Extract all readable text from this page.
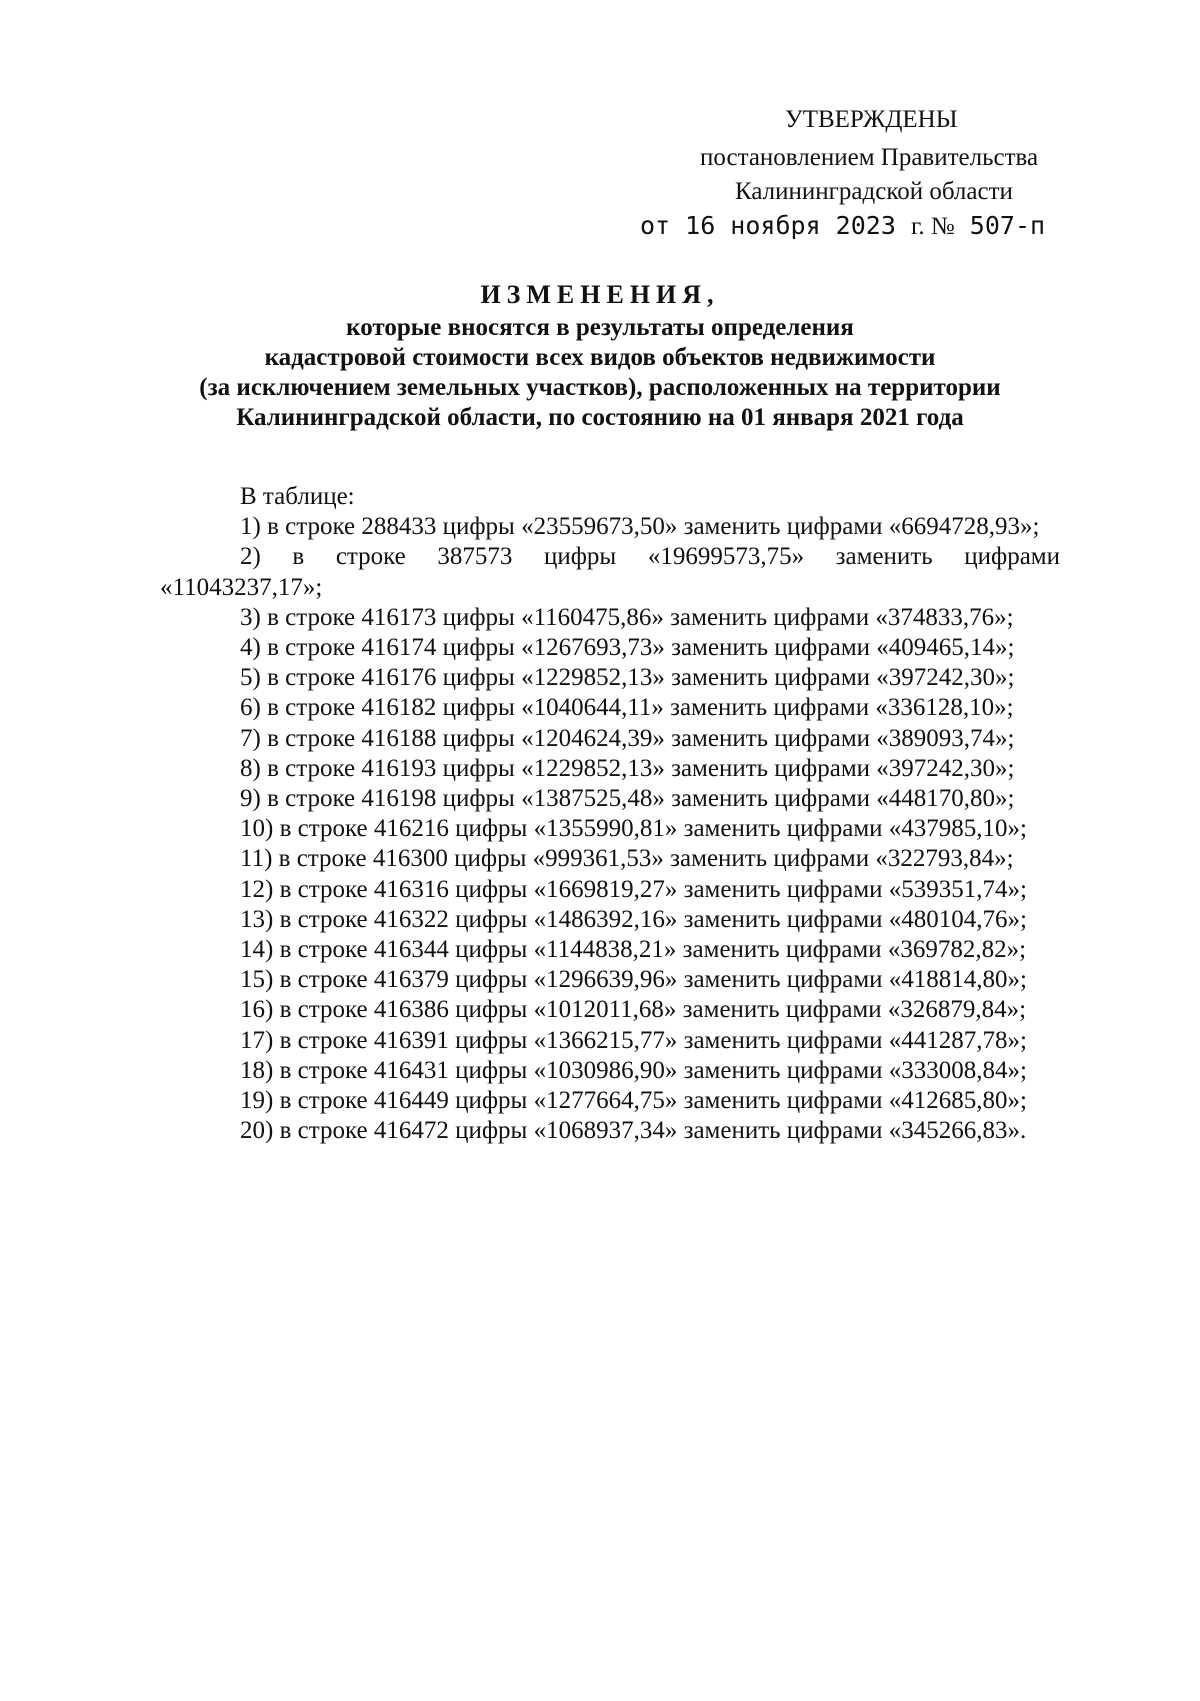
УТВЕРЖДЕНЫ
постановлением Правительства
Калининградской области
от 16 ноября 2023 г. № 507-п
ИЗМЕНЕНИЯ,
которые вносятся в результаты определения
кадастровой стоимости всех видов объектов недвижимости
(за исключением земельных участков), расположенных на территории
Калининградской области, по состоянию на 01 января 2021 года
В таблице:
1) в строке 288433 цифры «23559673,50» заменить цифрами «6694728,93»;
2) в строке 387573 цифры «19699573,75» заменить цифрами
«11043237,17»;
3) в строке 416173 цифры «1160475,86» заменить цифрами «374833,76»;
4) в строке 416174 цифры «1267693,73» заменить цифрами «409465,14»;
5) в строке 416176 цифры «1229852,13» заменить цифрами «397242,30»;
6) в строке 416182 цифры «1040644,11» заменить цифрами «336128,10»;
7) в строке 416188 цифры «1204624,39» заменить цифрами «389093,74»;
8) в строке 416193 цифры «1229852,13» заменить цифрами «397242,30»;
9) в строке 416198 цифры «1387525,48» заменить цифрами «448170,80»;
10) в строке 416216 цифры «1355990,81» заменить цифрами «437985,10»;
11) в строке 416300 цифры «999361,53» заменить цифрами «322793,84»;
12) в строке 416316 цифры «1669819,27» заменить цифрами «539351,74»;
13) в строке 416322 цифры «1486392,16» заменить цифрами «480104,76»;
14) в строке 416344 цифры «1144838,21» заменить цифрами «369782,82»;
15) в строке 416379 цифры «1296639,96» заменить цифрами «418814,80»;
16) в строке 416386 цифры «1012011,68» заменить цифрами «326879,84»;
17) в строке 416391 цифры «1366215,77» заменить цифрами «441287,78»;
18) в строке 416431 цифры «1030986,90» заменить цифрами «333008,84»;
19) в строке 416449 цифры «1277664,75» заменить цифрами «412685,80»;
20) в строке 416472 цифры «1068937,34» заменить цифрами «345266,83».
